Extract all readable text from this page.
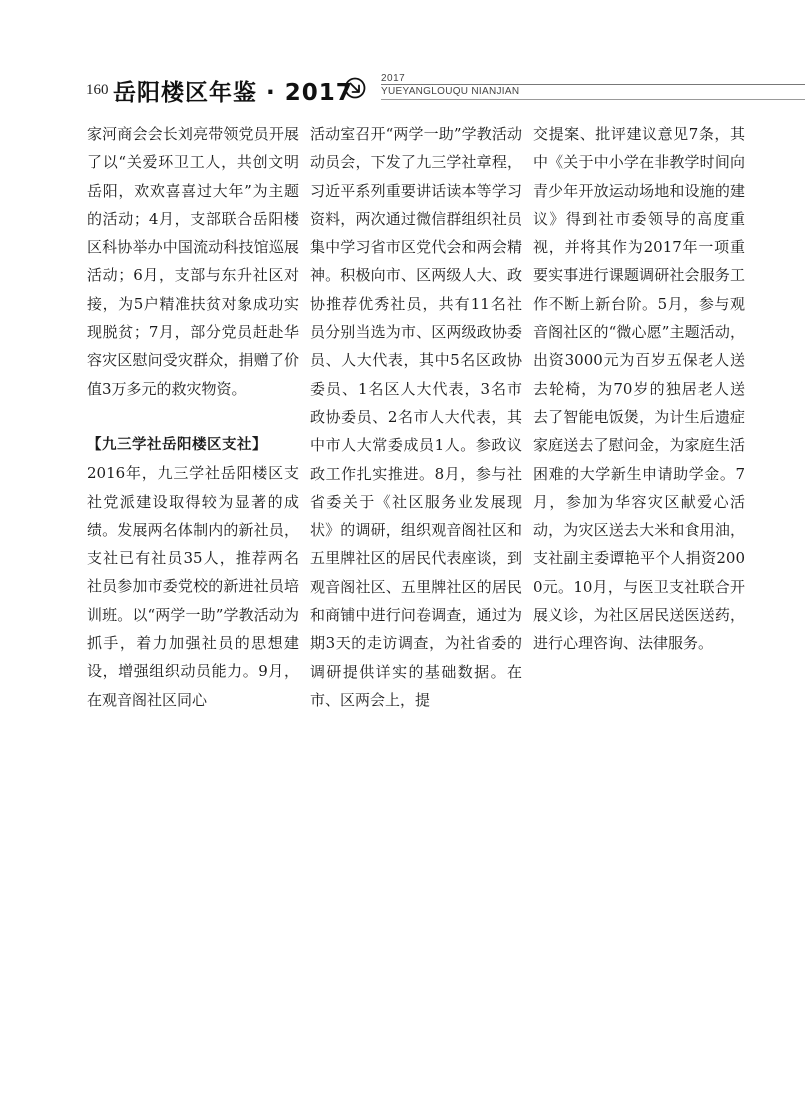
160 岳阳楼区年鉴 · 2017
2017
YUEYANGLOUQU NIANJIAN

家河商会会长刘亮带领党员开展了以“关爱环卫工人，共创文明岳阳，欢欢喜喜过大年”为主题的活动；4月，支部联合岳阳楼区科协举办中国流动科技馆巡展活动；6月，支部与东升社区对接，为5户精准扶贫对象成功实现脱贫；7月，部分党员赶赴华容灾区慰问受灾群众，捐赠了价值3万多元的救灾物资。

【九三学社岳阳楼区支社】

2016年，九三学社岳阳楼区支社党派建设取得较为显著的成绩。发展两名体制内的新社员，支社已有社员35人，推荐两名社员参加市委党校的新进社员培训班。以“两学一助”学教活动为抓手，着力加强社员的思想建设，增强组织动员能力。9月，在观音阁社区同心

活动室召开“两学一助”学教活动动员会，下发了九三学社章程，习近平系列重要讲话读本等学习资料，两次通过微信群组织社员集中学习省市区党代会和两会精神。积极向市、区两级人大、政协推荐优秀社员，共有11名社员分别当选为市、区两级政协委员、人大代表，其中5名区政协委员、1名区人大代表，3名市政协委员、2名市人大代表，其中市人大常委成员1人。参政议政工作扎实推进。8月，参与社省委关于《社区服务业发展现状》的调研，组织观音阁社区和五里牌社区的居民代表座谈，到观音阁社区、五里牌社区的居民和商铺中进行问卷调查，通过为期3天的走访调查，为社省委的调研提供详实的基础数据。在市、区两会上，提

交提案、批评建议意见7条，其中《关于中小学在非教学时间向青少年开放运动场地和设施的建议》得到社市委领导的高度重视，并将其作为2017年一项重要实事进行课题调研社会服务工作不断上新台阶。5月，参与观音阁社区的“微心愿”主题活动，出资3000元为百岁五保老人送去轮椅，为70岁的独居老人送去了智能电饭煲，为计生后遗症家庭送去了慰问金，为家庭生活困难的大学新生申请助学金。7月，参加为华容灾区献爱心活动，为灾区送去大米和食用油，支社副主委谭艳平个人捐资2000元。10月，与医卫支社联合开展义诊，为社区居民送医送药，进行心理咨询、法律服务。
